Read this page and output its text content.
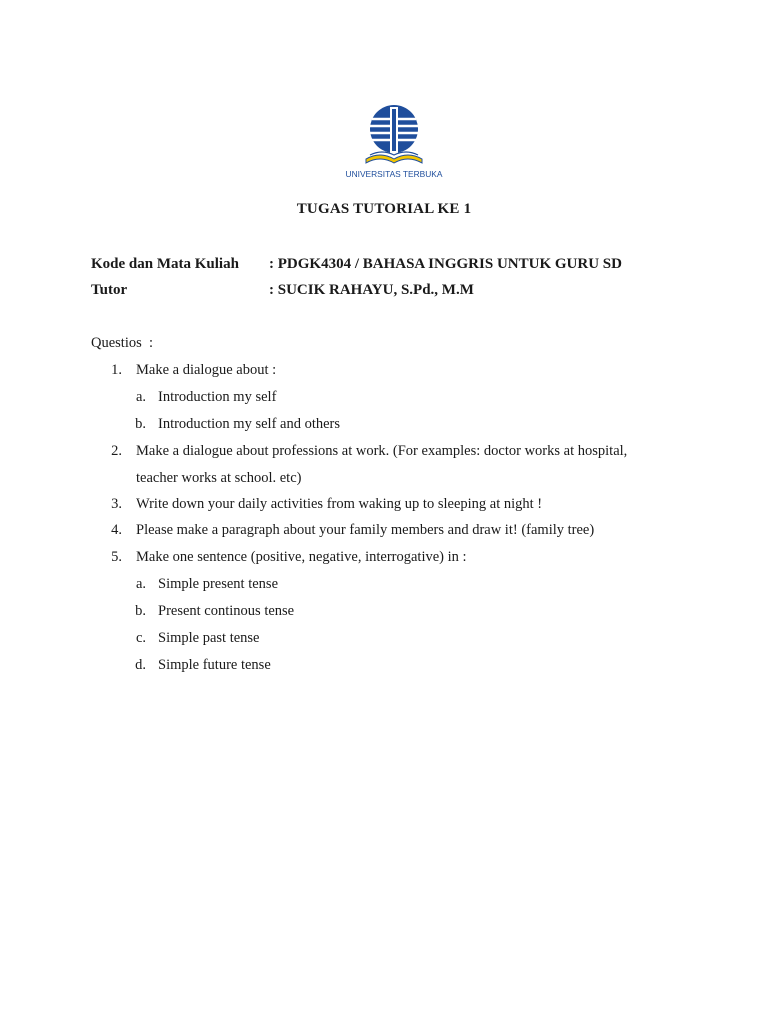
UNIVERSITAS TERBUKA
TUGAS TUTORIAL KE 1
Kode dan Mata Kuliah : PDGK4304 / BAHASA INGGRIS UNTUK GURU SD
Tutor	: SUCIK RAHAYU, S.Pd., M.M
Questios  :
1. Make a dialogue about :
a. Introduction my self
b. Introduction my self and others
2. Make a dialogue about professions at work. (For examples: doctor works at hospital,
teacher works at school. etc)
3. Write down your daily activities from waking up to sleeping at night !
4. Please make a paragraph about your family members and draw it! (family tree)
5. Make one sentence (positive, negative, interrogative) in :
a. Simple present tense
b. Present continous tense
c. Simple past tense
d. Simple future tense
